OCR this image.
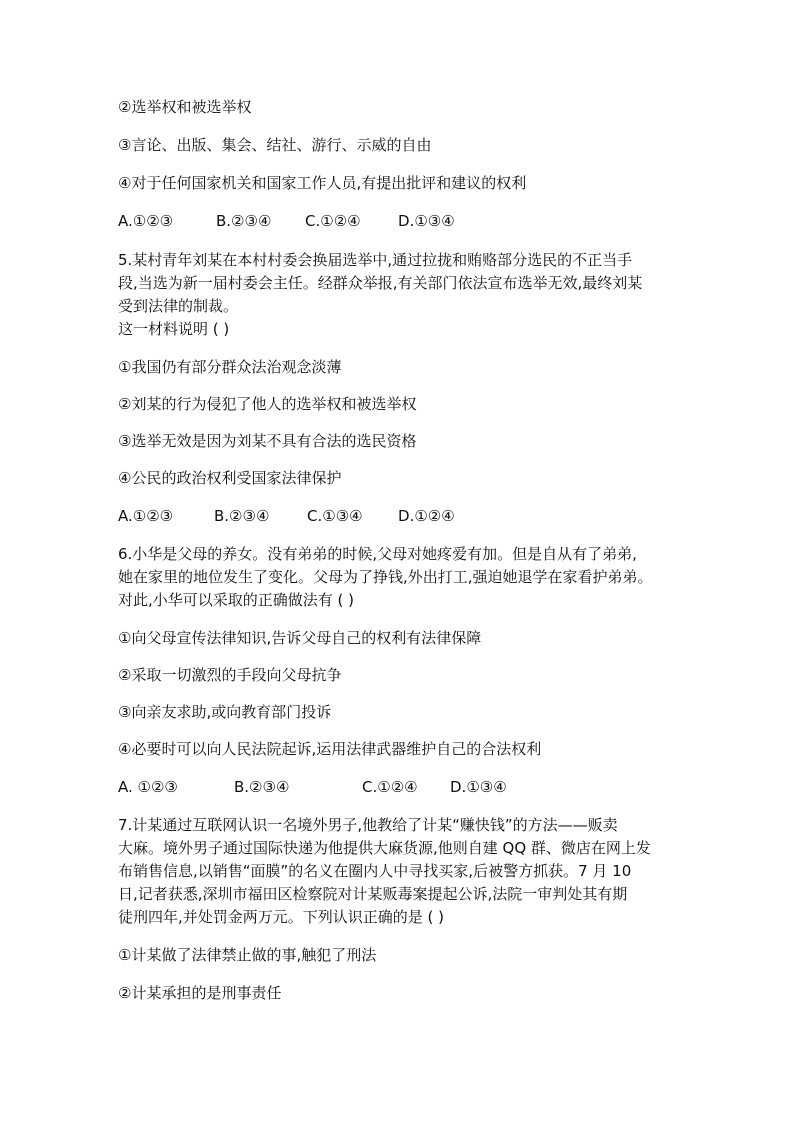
②选举权和被选举权

③言论、出版、集会、结社、游行、示威的自由

④对于任何国家机关和国家工作人员,有提出批评和建议的权利

A.①②③	B.②③④ C.①②④ D.①③④

5.某村青年刘某在本村村委会换届选举中,通过拉拢和贿赂部分选民的不正当手

段,当选为新一届村委会主任。经群众举报,有关部门依法宣布选举无效,最终刘某

受到法律的制裁。

这一材料说明 ( )

①我国仍有部分群众法治观念淡薄

②刘某的行为侵犯了他人的选举权和被选举权

③选举无效是因为刘某不具有合法的选民资格

④公民的政治权利受国家法律保护

A.①②③	B.②③④	C.①③④ D.①②④

6.小华是父母的养女。没有弟弟的时候,父母对她疼爱有加。但是自从有了弟弟,

她在家里的地位发生了变化。父母为了挣钱,外出打工,强迫她退学在家看护弟弟。

对此,小华可以采取的正确做法有 ( )

①向父母宣传法律知识,告诉父母自己的权利有法律保障

②采取一切激烈的手段向父母抗争

③向亲友求助,或向教育部门投诉

④必要时可以向人民法院起诉,运用法律武器维护自己的合法权利

A. ①②③	B.②③④	C.①②④ D.①③④

7.计某通过互联网认识一名境外男子,他教给了计某“赚快钱”的方法——贩卖

大麻。境外男子通过国际快递为他提供大麻货源,他则自建 QQ 群、微店在网上发

布销售信息,以销售“面膜”的名义在圈内人中寻找买家,后被警方抓获。7 月 10

日,记者获悉,深圳市福田区检察院对计某贩毒案提起公诉,法院一审判处其有期

徒刑四年,并处罚金两万元。下列认识正确的是 ( )

①计某做了法律禁止做的事,触犯了刑法

②计某承担的是刑事责任
